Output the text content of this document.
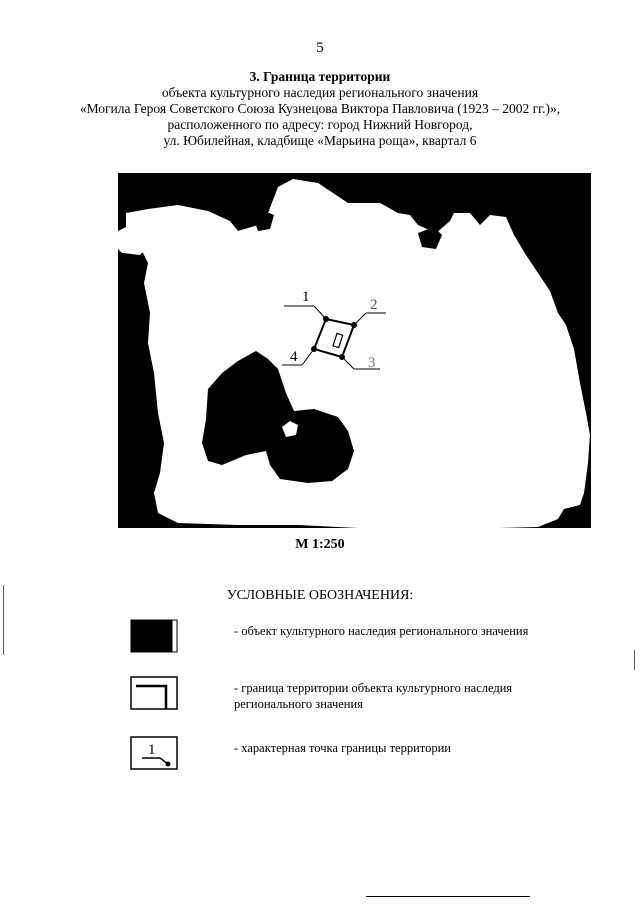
5
3. Граница территории
объекта культурного наследия регионального значения
«Могила Героя Советского Союза Кузнецова Виктора Павловича (1923 – 2002 гг.)»,
расположенного по адресу: город Нижний Новгород,
ул. Юбилейная, кладбище «Марьина роща», квартал 6
1	2
3
4
М 1:250
УСЛОВНЫЕ ОБОЗНАЧЕНИЯ:
- объект культурного наследия регионального значения
- граница территории объекта культурного наследия регионального значения
1	- характерная точка границы территории
